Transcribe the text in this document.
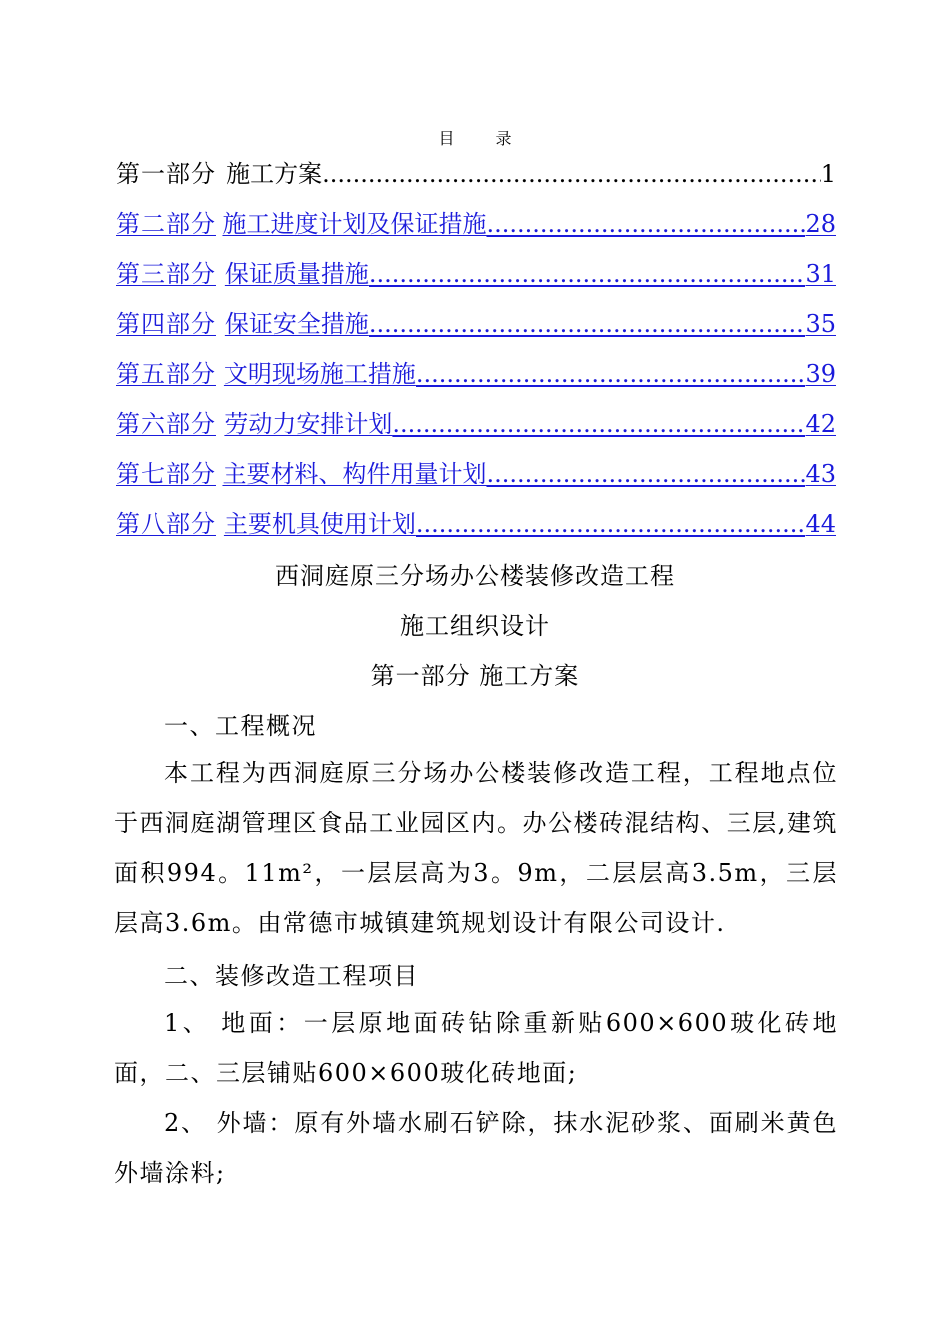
目 录
第一部分 施工方案 .....	1
第二部分 施工进度计划及保证措施 .....	28
第三部分 保证质量措施 .....	31
第四部分 保证安全措施 .....	35
第五部分 文明现场施工措施 .....	39
第六部分 劳动力安排计划 .....	42
第七部分 主要材料、构件用量计划 .....	43
第八部分 主要机具使用计划 .....	44
西洞庭原三分场办公楼装修改造工程
施工组织设计
第一部分 施工方案
一、工程概况

本工程为西洞庭原三分场办公楼装修改造工程，工程地点位于西洞庭湖管理区食品工业园区内。办公楼砖混结构、三层,建筑面积994。11m²，一层层高为3。9m，二层层高3.5m，三层层高3.6m。由常德市城镇建筑规划设计有限公司设计.

二、装修改造工程项目

1、 地面：一层原地面砖钻除重新贴600×600玻化砖地面，二、三层铺贴600×600玻化砖地面;

2、 外墙：原有外墙水刷石铲除，抹水泥砂浆、面刷米黄色外墙涂料;
